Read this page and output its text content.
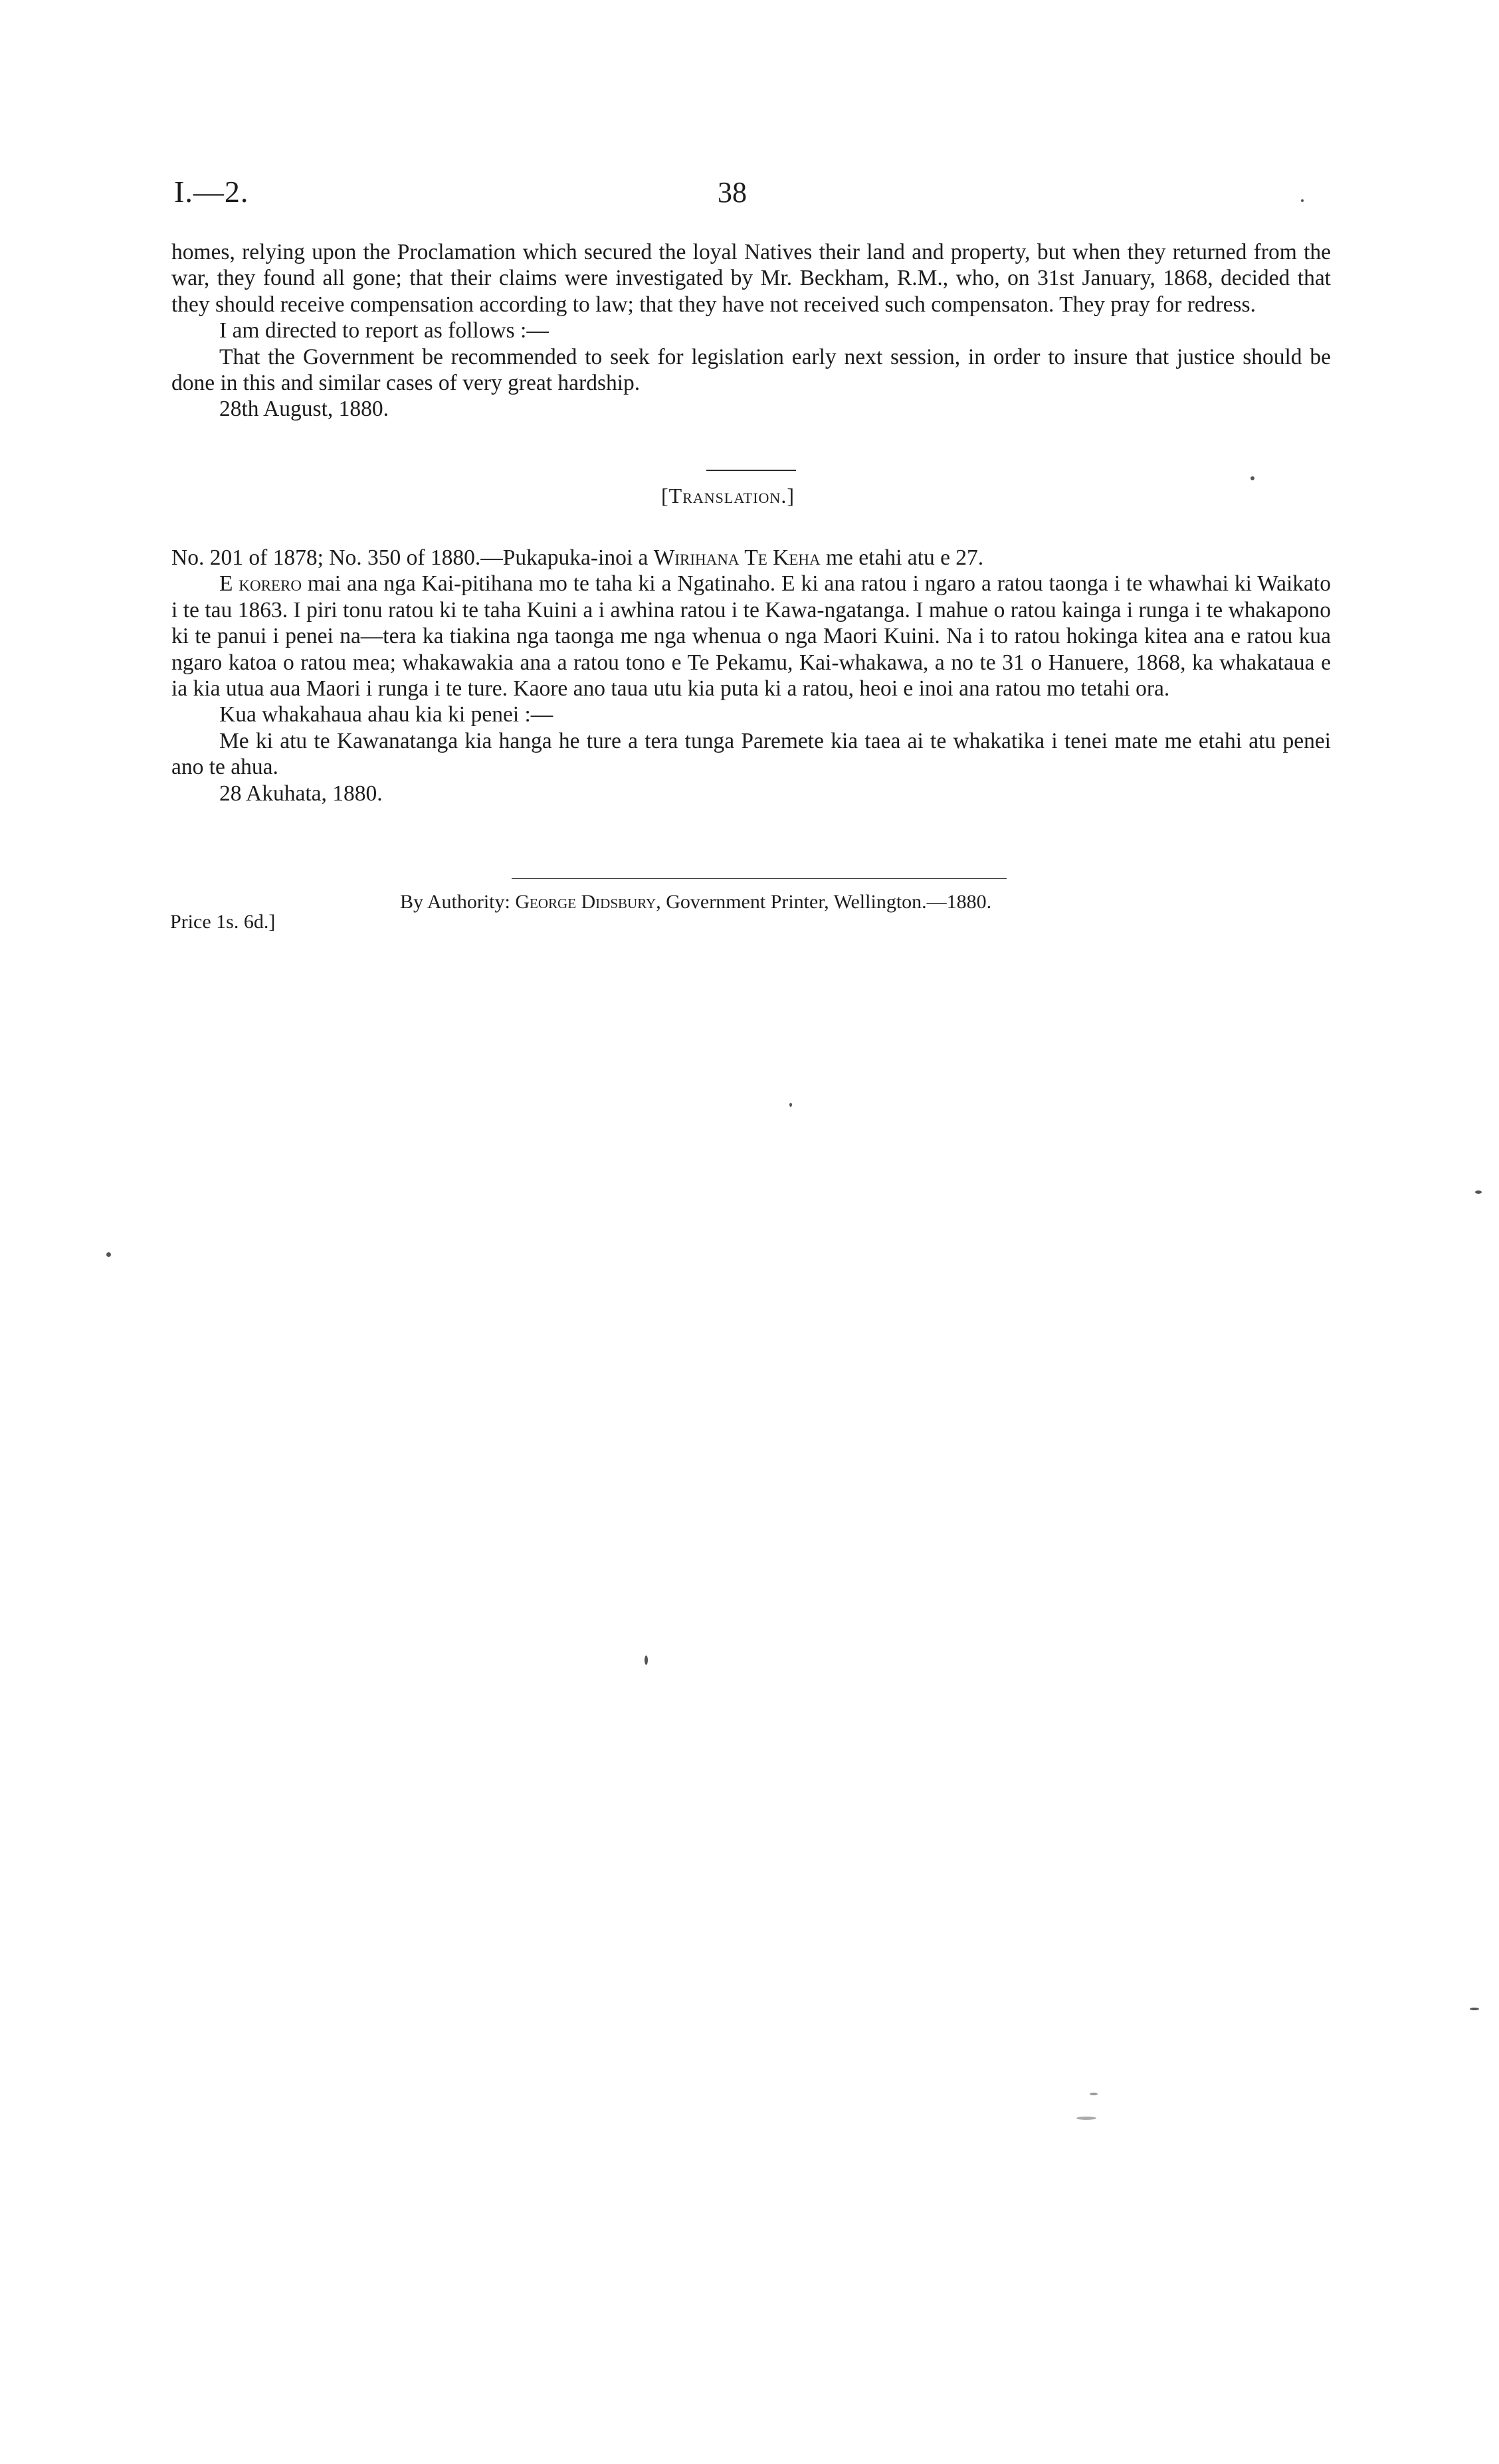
I.—2.	38

homes, relying upon the Proclamation which secured the loyal Natives their land and property, but when they returned from the war, they found all gone; that their claims were investigated by Mr. Beckham, R.M., who, on 31st January, 1868, decided that they should receive compensation according to law; that they have not received such compensaton. They pray for redress.

I am directed to report as follows :—

That the Government be recommended to seek for legislation early next session, in order to insure that justice should be done in this and similar cases of very great hardship.

28th August, 1880.

[Translation.]

No. 201 of 1878; No. 350 of 1880.—Pukapuka-inoi a Wirihana Te Keha me etahi atu e 27.

E korero mai ana nga Kai-pitihana mo te taha ki a Ngatinaho. E ki ana ratou i ngaro a ratou taonga i te whawhai ki Waikato i te tau 1863. I piri tonu ratou ki te taha Kuini a i awhina ratou i te Kawa-ngatanga. I mahue o ratou kainga i runga i te whakapono ki te panui i penei na—tera ka tiakina nga taonga me nga whenua o nga Maori Kuini. Na i to ratou hokinga kitea ana e ratou kua ngaro katoa o ratou mea; whakawakia ana a ratou tono e Te Pekamu, Kai-whakawa, a no te 31 o Hanuere, 1868, ka whakataua e ia kia utua aua Maori i runga i te ture. Kaore ano taua utu kia puta ki a ratou, heoi e inoi ana ratou mo tetahi ora.

Kua whakahaua ahau kia ki penei :—

Me ki atu te Kawanatanga kia hanga he ture a tera tunga Paremete kia taea ai te whakatika i tenei mate me etahi atu penei ano te ahua.

28 Akuhata, 1880.

Price 1s. 6d.]
By Authority: George Didsbury, Government Printer, Wellington.—1880.
